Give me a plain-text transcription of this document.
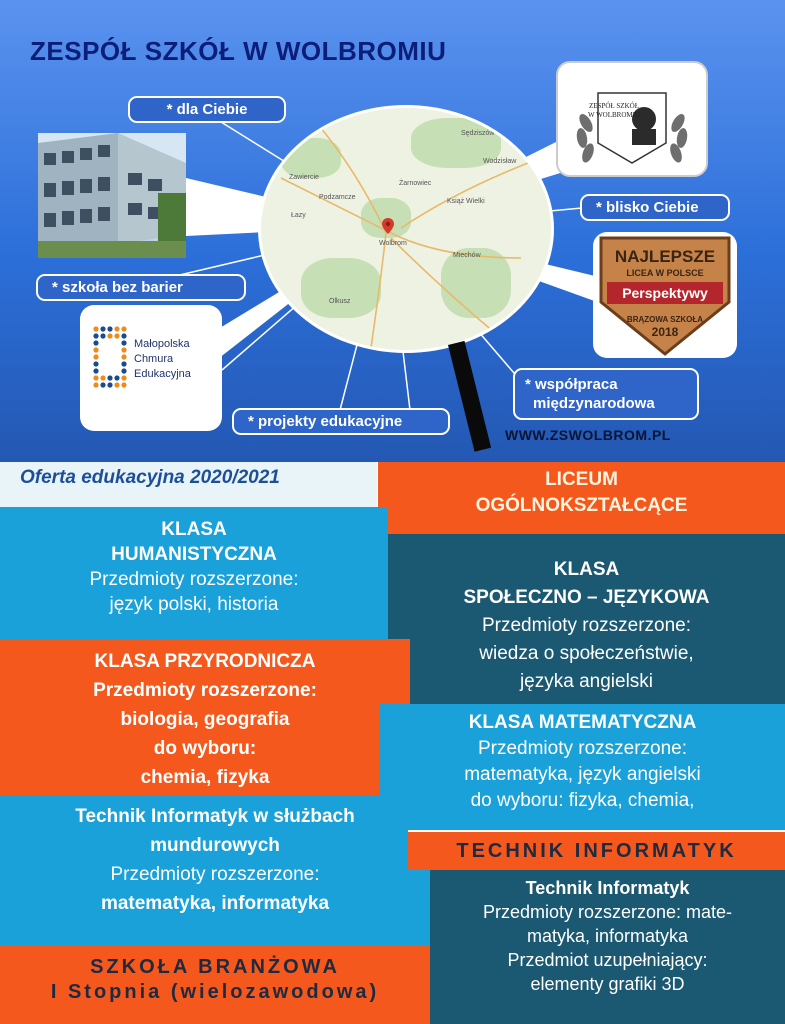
ZESPÓŁ SZKÓŁ W WOLBROMIU
Sędziszów
Wodzisław
Zawiercie
Podzamcze
Żarnowiec
Książ Wielki
Łazy
Wolbrom
Miechów
Olkusz
ZESPÓŁ SZKÓŁ
W WOLBROMIU
NAJLEPSZE
LICEA W POLSCE
Perspektywy
BRĄZOWA SZKOŁA
2018
Małopolska
Chmura
Edukacyjna
* dla Ciebie
* blisko Ciebie
* szkoła bez barier
* projekty edukacyjne
* współpraca
międzynarodowa
WWW.ZSWOLBROM.PL
Oferta edukacyjna 2020/2021	LICEUM
OGÓLNOKSZTAŁCĄCE
KLASA
HUMANISTYCZNA
Przedmioty rozszerzone:
język polski, historia
KLASA
SPOŁECZNO – JĘZYKOWA
Przedmioty rozszerzone:
wiedza o społeczeństwie,
języka angielski
KLASA PRZYRODNICZA
Przedmioty rozszerzone:
biologia, geografia
do wyboru:
chemia, fizyka
KLASA MATEMATYCZNA
Przedmioty rozszerzone:
matematyka, język angielski
do wyboru: fizyka, chemia,
Technik Informatyk w służbach
mundurowych
Przedmioty rozszerzone:
matematyka, informatyka
TECHNIK INFORMATYK
Technik Informatyk
Przedmioty rozszerzone: mate-
matyka, informatyka
Przedmiot uzupełniający:
elementy grafiki 3D
SZKOŁA BRANŻOWA
I Stopnia (wielozawodowa)
